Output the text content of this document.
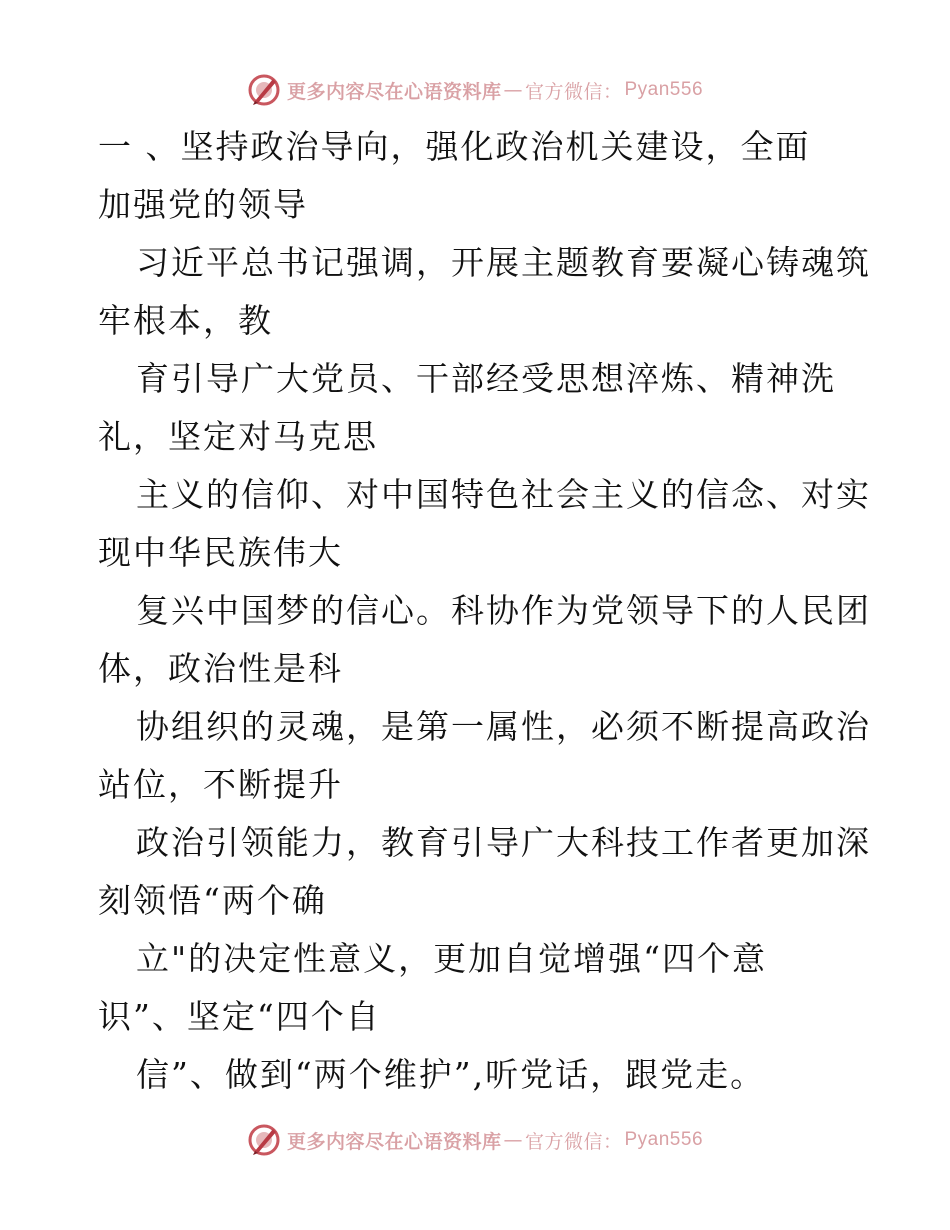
更多内容尽在心语资料库 — 官方微信： Pyan556
一 、坚持政治导向，强化政治机关建设，全面
加强党的领导
习近平总书记强调，开展主题教育要凝心铸魂筑
牢根本，教
育引导广大党员、干部经受思想淬炼、精神洗
礼，坚定对马克思
主义的信仰、对中国特色社会主义的信念、对实
现中华民族伟大
复兴中国梦的信心。科协作为党领导下的人民团
体，政治性是科
协组织的灵魂，是第一属性，必须不断提高政治
站位，不断提升
政治引领能力，教育引导广大科技工作者更加深
刻领悟“两个确
立"的决定性意义，更加自觉增强“四个意
识”、坚定“四个自
信”、做到“两个维护”,听党话，跟党走。
更多内容尽在心语资料库 — 官方微信： Pyan556
